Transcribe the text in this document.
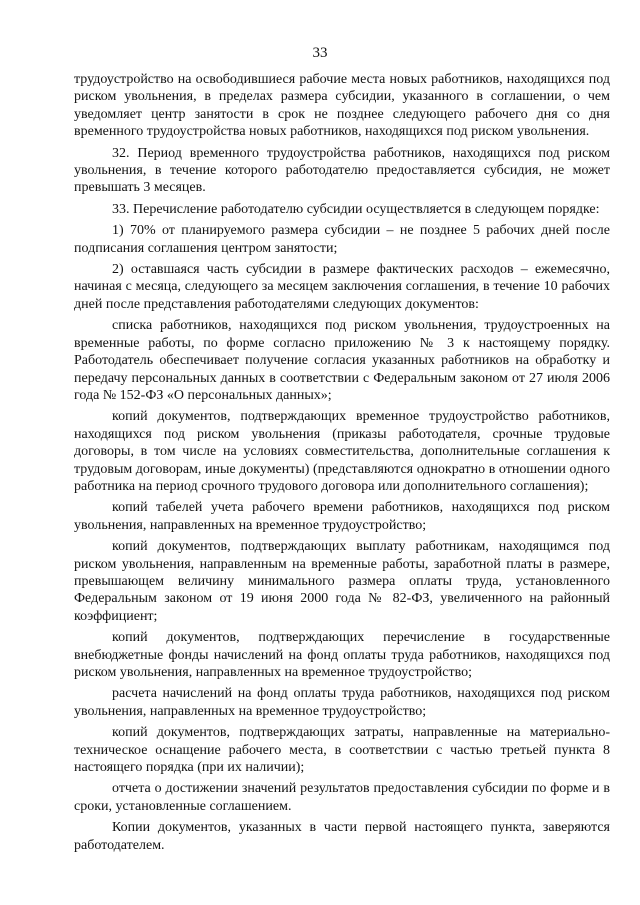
33

трудоустройство на освободившиеся рабочие места новых работников, находящихся под риском увольнения, в пределах размера субсидии, указанного в соглашении, о чем уведомляет центр занятости в срок не позднее следующего рабочего дня со дня временного трудоустройства новых работников, находящихся под риском увольнения.

32. Период временного трудоустройства работников, находящихся под риском увольнения, в течение которого работодателю предоставляется субсидия, не может превышать 3 месяцев.

33. Перечисление работодателю субсидии осуществляется в следующем порядке:

1) 70% от планируемого размера субсидии – не позднее 5 рабочих дней после подписания соглашения центром занятости;

2) оставшаяся часть субсидии в размере фактических расходов – ежемесячно, начиная с месяца, следующего за месяцем заключения соглашения, в течение 10 рабочих дней после представления работодателями следующих документов:

списка работников, находящихся под риском увольнения, трудоустроенных на временные работы, по форме согласно приложению № 3 к настоящему порядку. Работодатель обеспечивает получение согласия указанных работников на обработку и передачу персональных данных в соответствии с Федеральным законом от 27 июля 2006 года № 152-ФЗ «О персональных данных»;

копий документов, подтверждающих временное трудоустройство работников, находящихся под риском увольнения (приказы работодателя, срочные трудовые договоры, в том числе на условиях совместительства, дополнительные соглашения к трудовым договорам, иные документы) (представляются однократно в отношении одного работника на период срочного трудового договора или дополнительного соглашения);

копий табелей учета рабочего времени работников, находящихся под риском увольнения, направленных на временное трудоустройство;

копий документов, подтверждающих выплату работникам, находящимся под риском увольнения, направленным на временные работы, заработной платы в размере, превышающем величину минимального размера оплаты труда, установленного Федеральным законом от 19 июня 2000 года № 82-ФЗ, увеличенного на районный коэффициент;

копий документов, подтверждающих перечисление в государственные внебюджетные фонды начислений на фонд оплаты труда работников, находящихся под риском увольнения, направленных на временное трудоустройство;

расчета начислений на фонд оплаты труда работников, находящихся под риском увольнения, направленных на временное трудоустройство;

копий документов, подтверждающих затраты, направленные на материально-техническое оснащение рабочего места, в соответствии с частью третьей пункта 8 настоящего порядка (при их наличии);

отчета о достижении значений результатов предоставления субсидии по форме и в сроки, установленные соглашением.

Копии документов, указанных в части первой настоящего пункта, заверяются работодателем.
